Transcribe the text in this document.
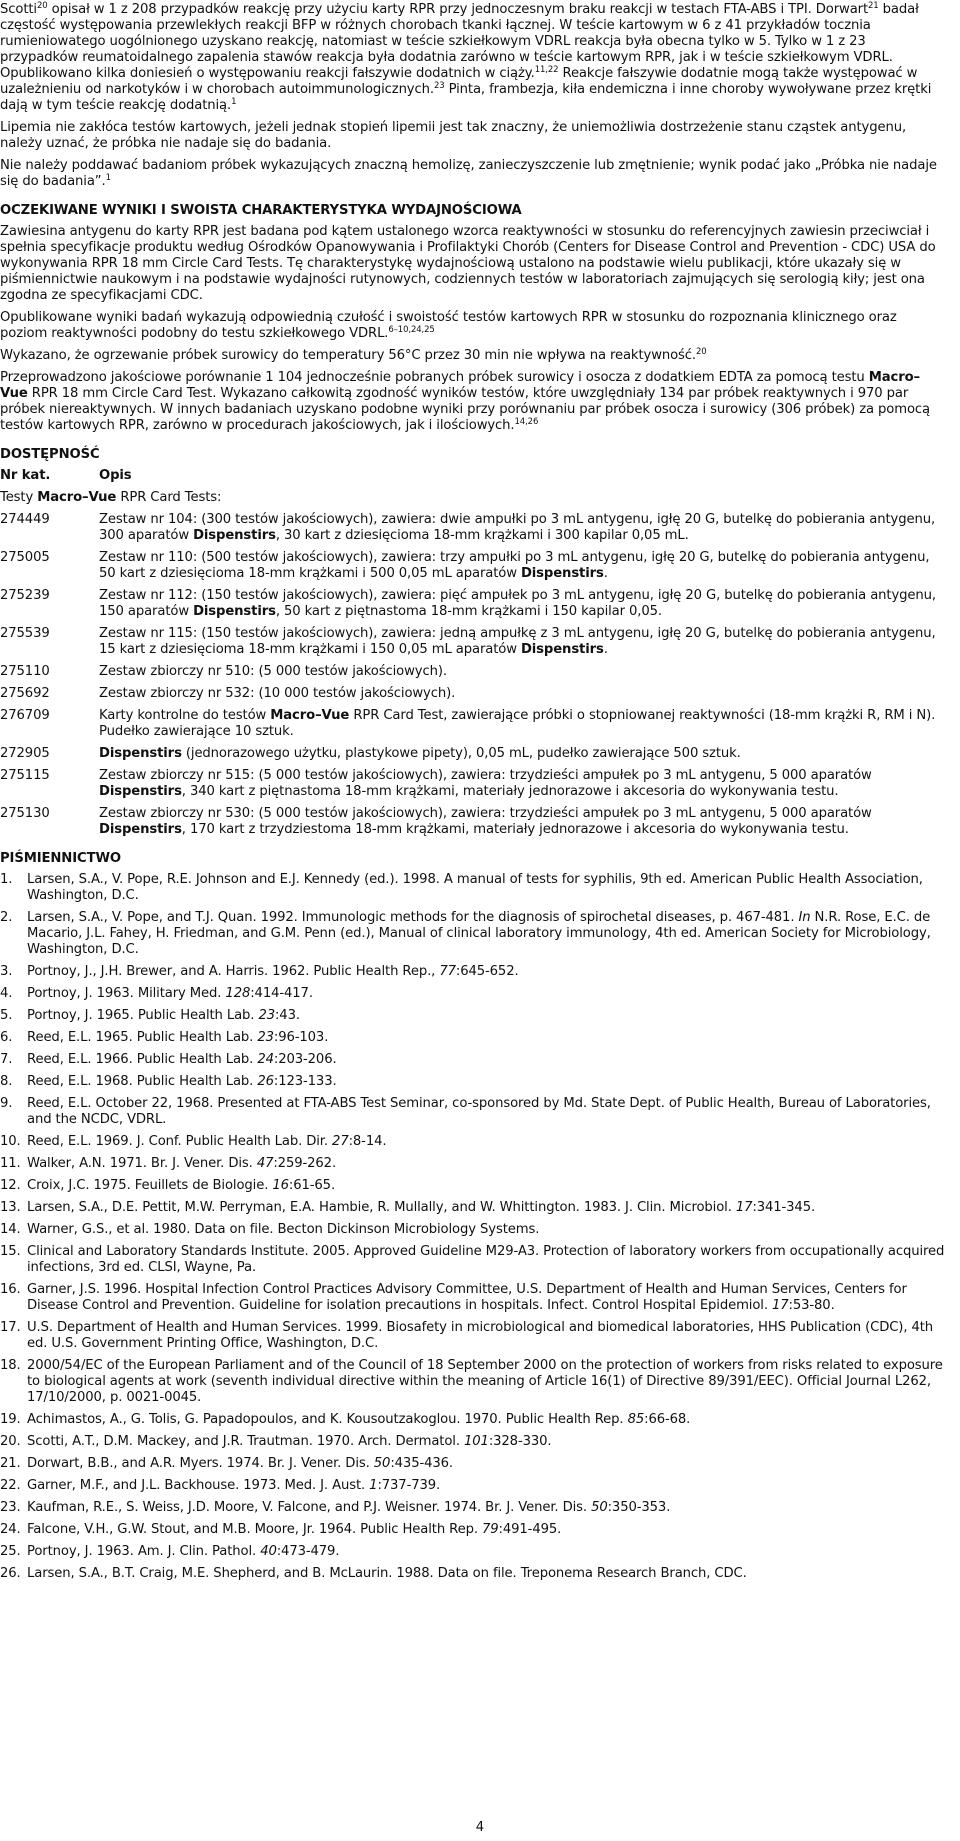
Scotti$^{20}$ opisał w 1 z 208 przypadków reakcję przy użyciu karty RPR przy jednoczesnym braku reakcji w testach FTA-ABS i TPI. Dorwart$^{21}$ badał częstość występowania przewlekłych reakcji BFP w różnych chorobach tkanki łącznej. W teście kartowym w 6 z 41 przykładów tocznia rumieniowatego uogólnionego uzyskano reakcję, natomiast w teście szkiełkowym VDRL reakcja była obecna tylko w 5. Tylko w 1 z 23 przypadków reumatoidalnego zapalenia stawów reakcja była dodatnia zarówno w teście kartowym RPR, jak i w teście szkiełkowym VDRL. Opublikowano kilka doniesień o występowaniu reakcji fałszywie dodatnich w ciąży.$^{11,22}$ Reakcje fałszywie dodatnie mogą także występować w uzależnieniu od narkotyków i w chorobach autoimmunologicznych.$^{23}$ Pinta, frambezja, kiła endemiczna i inne choroby wywoływane przez krętki dają w tym teście reakcję dodatnią.$^1$

Lipemia nie zakłóca testów kartowych, jeżeli jednak stopień lipemii jest tak znaczny, że uniemożliwia dostrzeżenie stanu cząstek antygenu, należy uznać, że próbka nie nadaje się do badania.

Nie należy poddawać badaniom próbek wykazujących znaczną hemolizę, zanieczyszczenie lub zmętnienie; wynik podać jako „Próbka nie nadaje się do badania”.$^1$

OCZEKIWANE WYNIKI I SWOISTA CHARAKTERYSTYKA WYDAJNOŚCIOWA

Zawiesina antygenu do karty RPR jest badana pod kątem ustalonego wzorca reaktywności w stosunku do referencyjnych zawiesin przeciwciał i spełnia specyfikacje produktu według Ośrodków Opanowywania i Profilaktyki Chorób (Centers for Disease Control and Prevention - CDC) USA do wykonywania RPR 18 mm Circle Card Tests. Tę charakterystykę wydajnościową ustalono na podstawie wielu publikacji, które ukazały się w piśmiennictwie naukowym i na podstawie wydajności rutynowych, codziennych testów w laboratoriach zajmujących się serologią kiły; jest ona zgodna ze specyfikacjami CDC.

Opublikowane wyniki badań wykazują odpowiednią czułość i swoistość testów kartowych RPR w stosunku do rozpoznania klinicznego oraz poziom reaktywności podobny do testu szkiełkowego VDRL.$^{6-10,24,25}$

Wykazano, że ogrzewanie próbek surowicy do temperatury 56°C przez 30 min nie wpływa na reaktywność.$^{20}$

Przeprowadzono jakościowe porównanie 1 104 jednocześnie pobranych próbek surowicy i osocza z dodatkiem EDTA za pomocą testu Macro–Vue RPR 18 mm Circle Card Test. Wykazano całkowitą zgodność wyników testów, które uwzględniały 134 par próbek reaktywnych i 970 par próbek niereaktywnych. W innych badaniach uzyskano podobne wyniki przy porównaniu par próbek osocza i surowicy (306 próbek) za pomocą testów kartowych RPR, zarówno w procedurach jakościowych, jak i ilościowych.$^{14,26}$

DOSTĘPNOŚĆ
Nr kat.	Opis
Testy Macro–Vue RPR Card Tests:
274449	Zestaw nr 104: (300 testów jakościowych), zawiera: dwie ampułki po 3 mL antygenu, igłę 20 G, butelkę do pobierania antygenu, 300 aparatów Dispenstirs, 30 kart z dziesięcioma 18-mm krążkami i 300 kapilar 0,05 mL.
275005	Zestaw nr 110: (500 testów jakościowych), zawiera: trzy ampułki po 3 mL antygenu, igłę 20 G, butelkę do pobierania antygenu, 50 kart z dziesięcioma 18-mm krążkami i 500 0,05 mL aparatów Dispenstirs.
275239	Zestaw nr 112: (150 testów jakościowych), zawiera: pięć ampułek po 3 mL antygenu, igłę 20 G, butelkę do pobierania antygenu, 150 aparatów Dispenstirs, 50 kart z piętnastoma 18-mm krążkami i 150 kapilar 0,05.
275539	Zestaw nr 115: (150 testów jakościowych), zawiera: jedną ampułkę z 3 mL antygenu, igłę 20 G, butelkę do pobierania antygenu, 15 kart z dziesięcioma 18-mm krążkami i 150 0,05 mL aparatów Dispenstirs.
275110	Zestaw zbiorczy nr 510: (5 000 testów jakościowych).
275692	Zestaw zbiorczy nr 532: (10 000 testów jakościowych).
276709	Karty kontrolne do testów Macro–Vue RPR Card Test, zawierające próbki o stopniowanej reaktywności (18-mm krążki R, RM i N). Pudełko zawierające 10 sztuk.
272905	Dispenstirs (jednorazowego użytku, plastykowe pipety), 0,05 mL, pudełko zawierające 500 sztuk.
275115	Zestaw zbiorczy nr 515: (5 000 testów jakościowych), zawiera: trzydzieści ampułek po 3 mL antygenu, 5 000 aparatów Dispenstirs, 340 kart z piętnastoma 18-mm krążkami, materiały jednorazowe i akcesoria do wykonywania testu.
275130	Zestaw zbiorczy nr 530: (5 000 testów jakościowych), zawiera: trzydzieści ampułek po 3 mL antygenu, 5 000 aparatów Dispenstirs, 170 kart z trzydziestoma 18-mm krążkami, materiały jednorazowe i akcesoria do wykonywania testu.
PIŚMIENNICTWO
1.	Larsen, S.A., V. Pope, R.E. Johnson and E.J. Kennedy (ed.). 1998. A manual of tests for syphilis, 9th ed. American Public Health Association, Washington, D.C.
2.	Larsen, S.A., V. Pope, and T.J. Quan. 1992. Immunologic methods for the diagnosis of spirochetal diseases, p. 467-481. In N.R. Rose, E.C. de Macario, J.L. Fahey, H. Friedman, and G.M. Penn (ed.), Manual of clinical laboratory immunology, 4th ed. American Society for Microbiology, Washington, D.C.
3.	Portnoy, J., J.H. Brewer, and A. Harris. 1962. Public Health Rep., 77:645-652.
4.	Portnoy, J. 1963. Military Med. 128:414-417.
5.	Portnoy, J. 1965. Public Health Lab. 23:43.
6.	Reed, E.L. 1965. Public Health Lab. 23:96-103.
7.	Reed, E.L. 1966. Public Health Lab. 24:203-206.
8.	Reed, E.L. 1968. Public Health Lab. 26:123-133.
9.	Reed, E.L. October 22, 1968. Presented at FTA-ABS Test Seminar, co-sponsored by Md. State Dept. of Public Health, Bureau of Laboratories, and the NCDC, VDRL.
10. Reed, E.L. 1969. J. Conf. Public Health Lab. Dir. 27:8-14.
11. Walker, A.N. 1971. Br. J. Vener. Dis. 47:259-262.
12. Croix, J.C. 1975. Feuillets de Biologie. 16:61-65.
13. Larsen, S.A., D.E. Pettit, M.W. Perryman, E.A. Hambie, R. Mullally, and W. Whittington. 1983. J. Clin. Microbiol. 17:341-345.
14. Warner, G.S., et al. 1980. Data on file. Becton Dickinson Microbiology Systems.
15. Clinical and Laboratory Standards Institute. 2005. Approved Guideline M29-A3. Protection of laboratory workers from occupationally acquired infections, 3rd ed. CLSI, Wayne, Pa.
16. Garner, J.S. 1996. Hospital Infection Control Practices Advisory Committee, U.S. Department of Health and Human Services, Centers for Disease Control and Prevention. Guideline for isolation precautions in hospitals. Infect. Control Hospital Epidemiol. 17:53-80.
17. U.S. Department of Health and Human Services. 1999. Biosafety in microbiological and biomedical laboratories, HHS Publication (CDC), 4th ed. U.S. Government Printing Office, Washington, D.C.
18. 2000/54/EC of the European Parliament and of the Council of 18 September 2000 on the protection of workers from risks related to exposure to biological agents at work (seventh individual directive within the meaning of Article 16(1) of Directive 89/391/EEC). Official Journal L262, 17/10/2000, p. 0021-0045.
19. Achimastos, A., G. Tolis, G. Papadopoulos, and K. Kousoutzakoglou. 1970. Public Health Rep. 85:66-68.
20. Scotti, A.T., D.M. Mackey, and J.R. Trautman. 1970. Arch. Dermatol. 101:328-330.
21. Dorwart, B.B., and A.R. Myers. 1974. Br. J. Vener. Dis. 50:435-436.
22. Garner, M.F., and J.L. Backhouse. 1973. Med. J. Aust. 1:737-739.
23. Kaufman, R.E., S. Weiss, J.D. Moore, V. Falcone, and P.J. Weisner. 1974. Br. J. Vener. Dis. 50:350-353.
24. Falcone, V.H., G.W. Stout, and M.B. Moore, Jr. 1964. Public Health Rep. 79:491-495.
25. Portnoy, J. 1963. Am. J. Clin. Pathol. 40:473-479.
26. Larsen, S.A., B.T. Craig, M.E. Shepherd, and B. McLaurin. 1988. Data on file. Treponema Research Branch, CDC.
4
